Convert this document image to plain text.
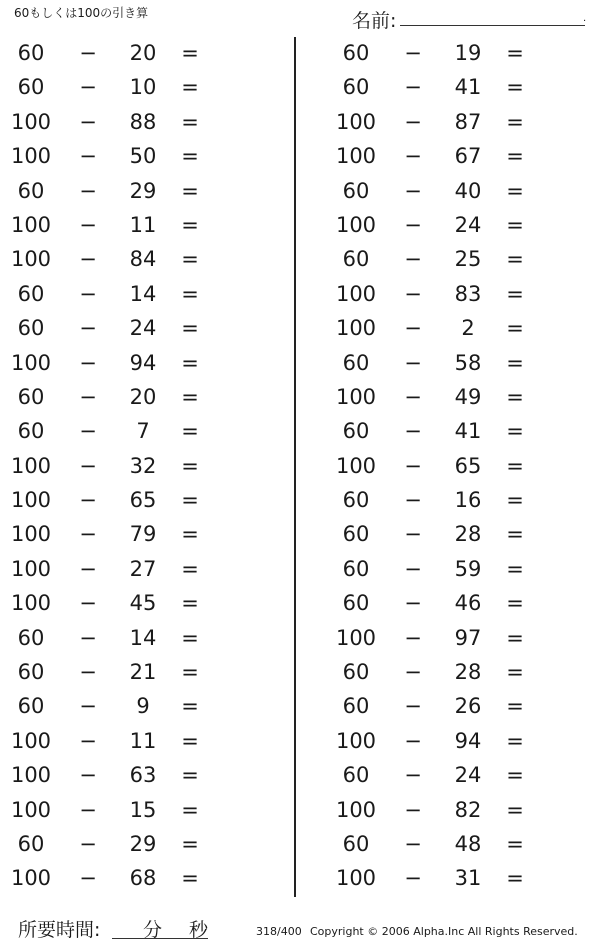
60もしくは100の引き算	名前:	.
60	−	20	=
60	−	10	=
100 −	88	=
100 −	50	=
60	−	29	=
100 −	11	=
100 −	84	=
60	−	14	=
60	−	24	=
100 −	94	=
60	−	20	=
60	−	7	=
100 −	32	=
100 −	65	=
100 −	79	=
100 −	27	=
100 −	45	=
60	−	14	=
60	−	21	=
60	−	9	=
100 −	11	=
100 −	63	=
100 −	15	=
60	−	29	=
100 −	68	=
60	−	19	=
60	−	41	=
100 −	87	=
100 −	67	=
60	−	40	=
100 −	24	=
60	−	25	=
100 −	83	=
100 −	2	=
60	−	58	=
100 −	49	=
60	−	41	=
100 −	65	=
60	−	16	=
60	−	28	=
60	−	59	=
60	−	46	=
100 −	97	=
60	−	28	=
60	−	26	=
100 −	94	=
60	−	24	=
100 −	82	=
60	−	48	=
100 −	31	=
所要時間: 分 秒	318/400 Copyright © 2006 Alpha.Inc All Rights Reserved.
